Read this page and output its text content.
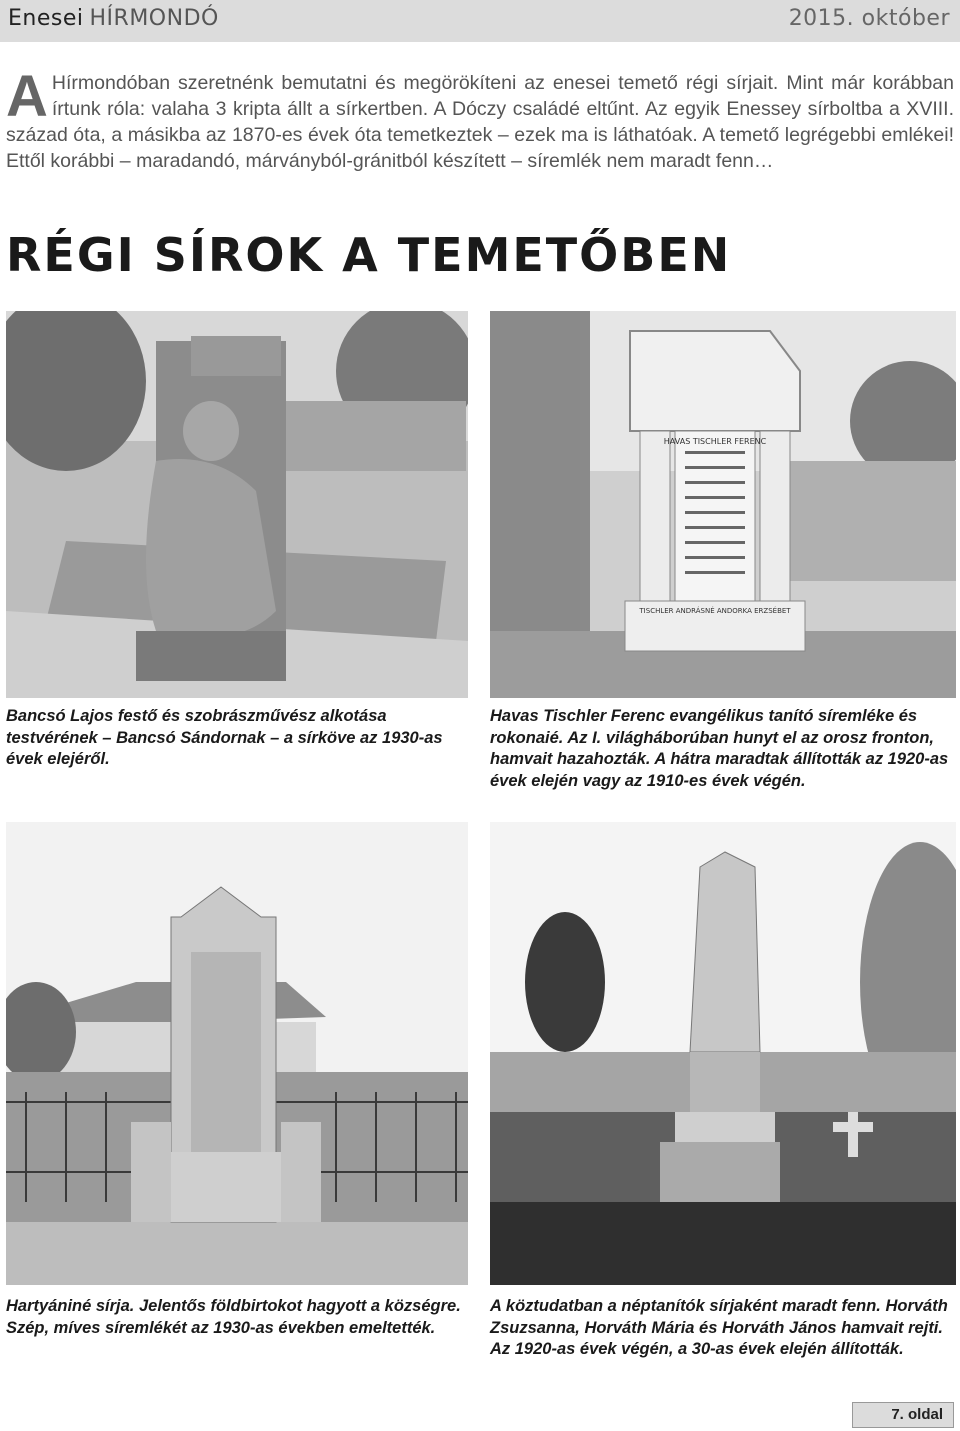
Enesei HÍRMONDÓ	2015. október
A Hírmondóban szeretnénk bemutatni és megörökíteni az enesei temető régi sírjait. Mint már korábban írtunk róla: valaha 3 kripta állt a sírkertben. A Dóczy családé eltűnt. Az egyik Enessey sírboltba a XVIII. század óta, a másikba az 1870-es évek óta temetkeztek – ezek ma is láthatóak. A temető legrégebbi emlékei! Ettől korábbi – maradandó, márványból-gránitból készített – síremlék nem maradt fenn…
RÉGI SÍROK A TEMETŐBEN
Bancsó Lajos festő és szobrászművész alkotása testvérének – Bancsó Sándornak – a sírköve az 1930-as évek elejéről.
HAVAS TISCHLER FERENC
TISCHLER ANDRÁSNÉ ANDORKA ERZSÉBET
Havas Tischler Ferenc evangélikus tanító síremléke és rokonaié. Az I. világháborúban hunyt el az orosz fronton, hamvait hazahozták. A hátra maradtak állították az 1920-as évek elején vagy az 1910-es évek végén.
Hartyániné sírja. Jelentős földbirtokot hagyott a községre. Szép, míves síremlékét az 1930-as években emeltették.
A köztudatban a néptanítók sírjaként maradt fenn. Horváth Zsuzsanna, Horváth Mária és Horváth János hamvait rejti. Az 1920-as évek végén, a 30-as évek elején állították.
7. oldal
